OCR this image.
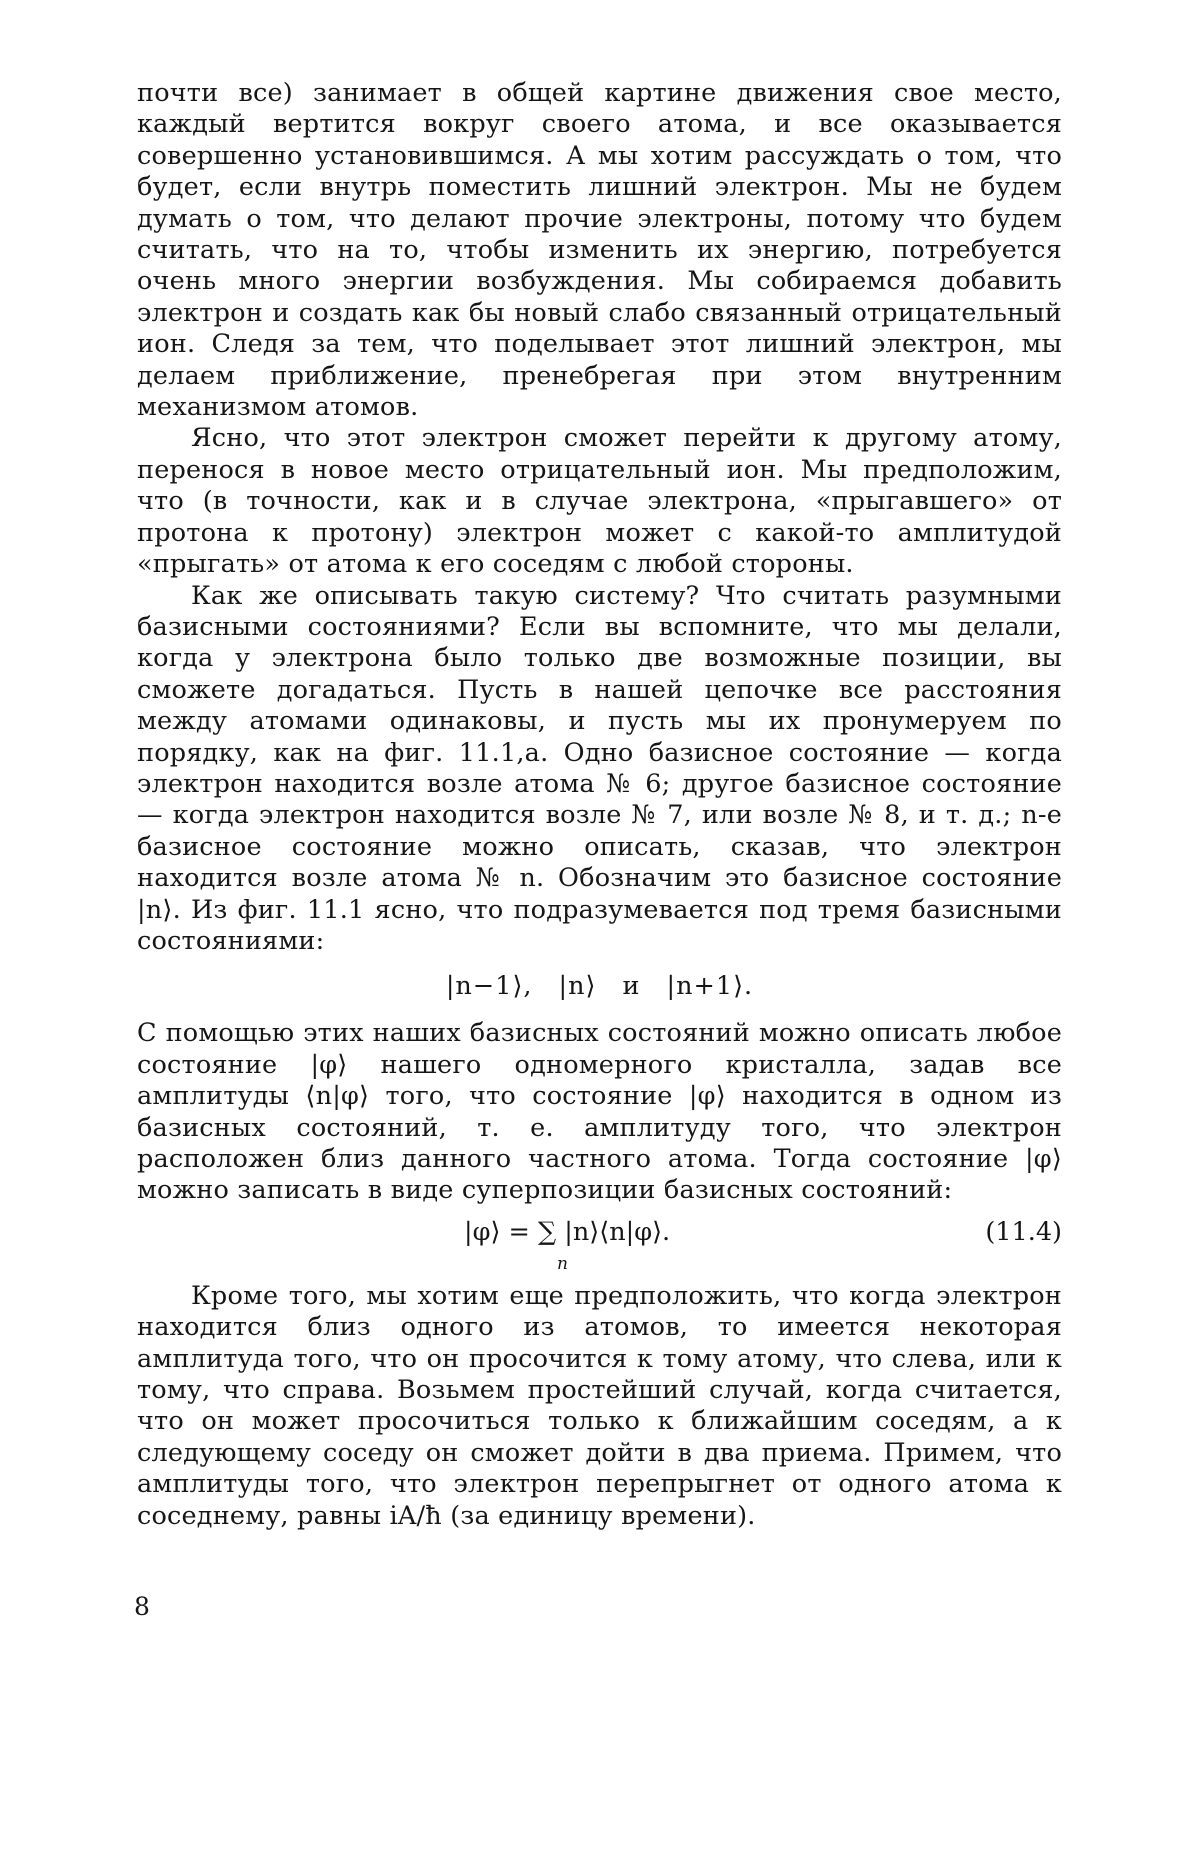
почти все) занимает в общей картине движения свое место, каждый вертится вокруг своего атома, и все оказывается совершенно установившимся. А мы хотим рассуждать о том, что будет, если внутрь поместить лишний электрон. Мы не будем думать о том, что делают прочие электроны, потому что будем считать, что на то, чтобы изменить их энергию, потребуется очень много энергии возбуждения. Мы собираемся добавить электрон и создать как бы новый слабо связанный отрицательный ион. Следя за тем, что поделывает этот лишний электрон, мы делаем приближение, пренебрегая при этом внутренним механизмом атомов.

Ясно, что этот электрон сможет перейти к другому атому, перенося в новое место отрицательный ион. Мы предположим, что (в точности, как и в случае электрона, «прыгавшего» от протона к протону) электрон может с какой-то амплитудой «прыгать» от атома к его соседям с любой стороны.

Как же описывать такую систему? Что считать разумными базисными состояниями? Если вы вспомните, что мы делали, когда у электрона было только две возможные позиции, вы сможете догадаться. Пусть в нашей цепочке все расстояния между атомами одинаковы, и пусть мы их пронумеруем по порядку, как на фиг. 11.1,а. Одно базисное состояние — когда электрон находится возле атома № 6; другое базисное состояние — когда электрон находится возле № 7, или возле № 8, и т. д.; n-е базисное состояние можно описать, сказав, что электрон находится возле атома № n. Обозначим это базисное состояние |n⟩. Из фиг. 11.1 ясно, что подразумевается под тремя базисными состояниями:

|n−1⟩, |n⟩ и |n+1⟩.

С помощью этих наших базисных состояний можно описать любое состояние |φ⟩ нашего одномерного кристалла, задав все амплитуды ⟨n|φ⟩ того, что состояние |φ⟩ находится в одном из базисных состояний, т. е. амплитуду того, что электрон расположен близ данного частного атома. Тогда состояние |φ⟩ можно записать в виде суперпозиции базисных состояний:

|φ⟩ = ∑ |n⟩⟨n|φ⟩.
n
(11.4)

Кроме того, мы хотим еще предположить, что когда электрон находится близ одного из атомов, то имеется некоторая амплитуда того, что он просочится к тому атому, что слева, или к тому, что справа. Возьмем простейший случай, когда считается, что он может просочиться только к ближайшим соседям, а к следующему соседу он сможет дойти в два приема. Примем, что амплитуды того, что электрон перепрыгнет от одного атома к соседнему, равны iA/ħ (за единицу времени).

8
